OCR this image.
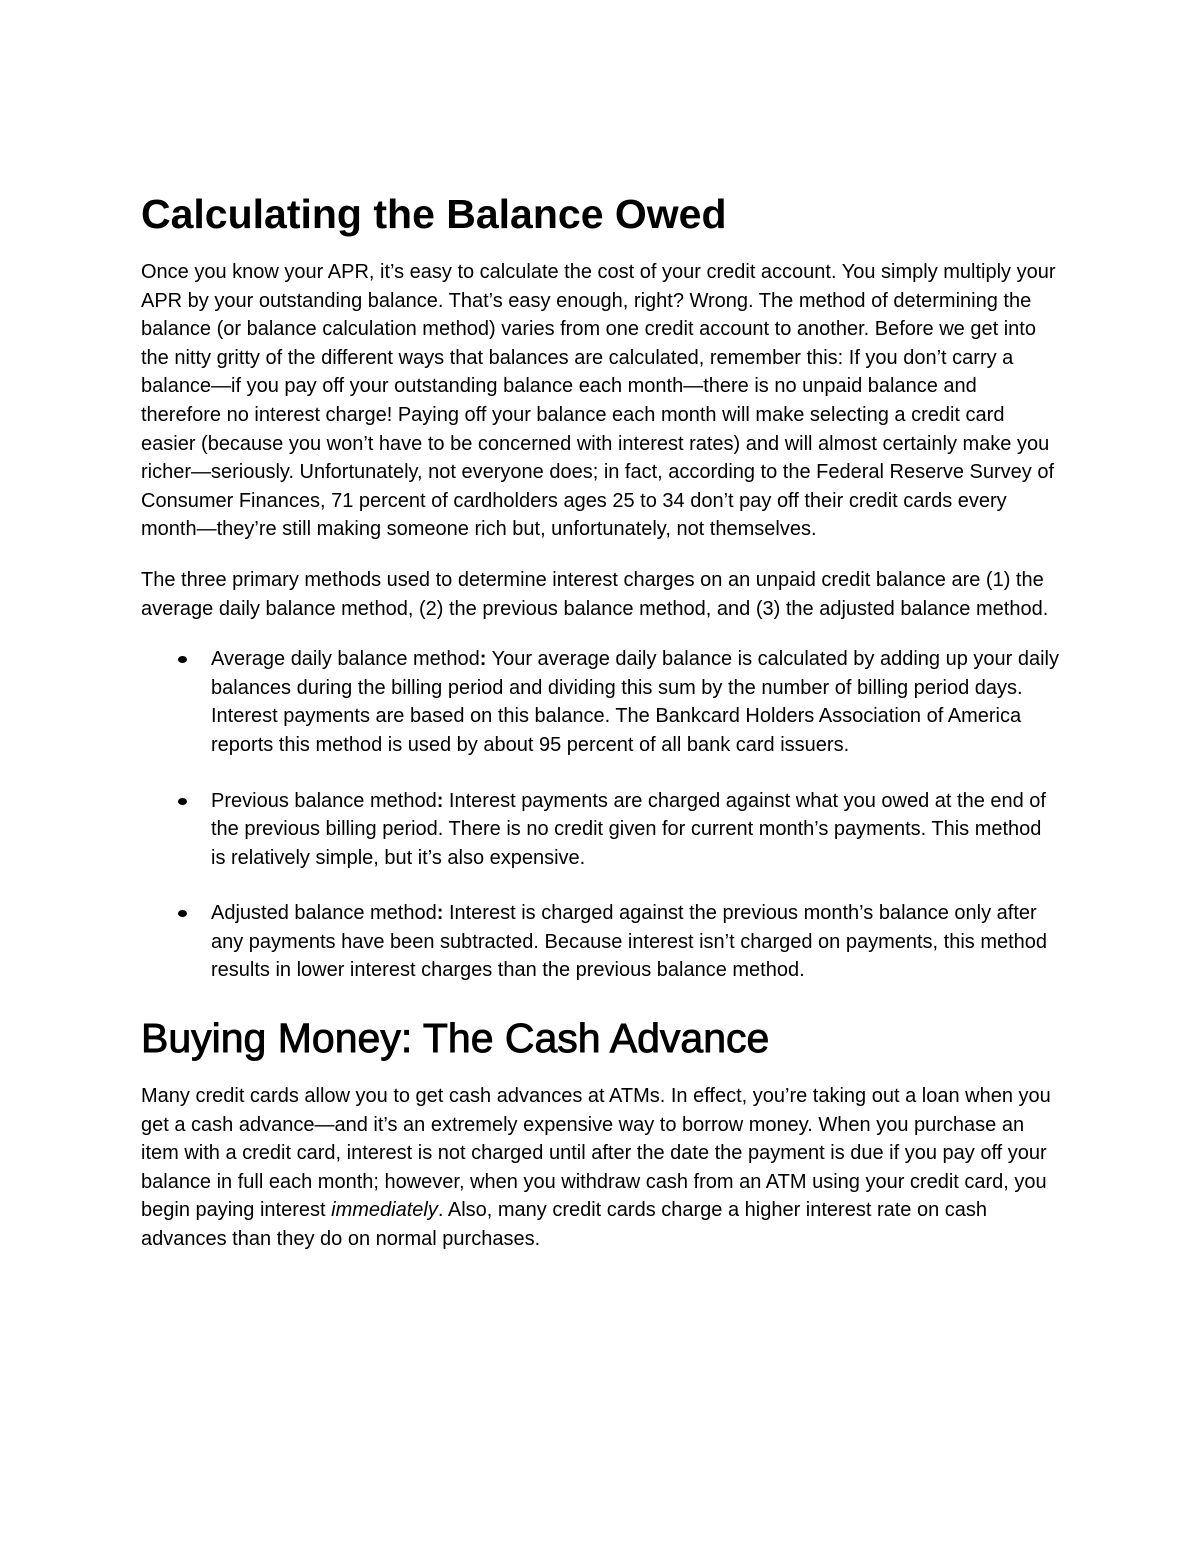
Calculating the Balance Owed

Once you know your APR, it’s easy to calculate the cost of your credit account. You simply multiply your APR by your outstanding balance. That’s easy enough, right? Wrong. The method of determining the balance (or balance calculation method) varies from one credit account to another. Before we get into the nitty gritty of the different ways that balances are calculated, remember this: If you don’t carry a balance—if you pay off your outstanding balance each month—there is no unpaid balance and therefore no interest charge! Paying off your balance each month will make selecting a credit card easier (because you won’t have to be concerned with interest rates) and will almost certainly make you richer—seriously. Unfortunately, not everyone does; in fact, according to the Federal Reserve Survey of Consumer Finances, 71 percent of cardholders ages 25 to 34 don’t pay off their credit cards every month—they’re still making someone rich but, unfortunately, not themselves.

The three primary methods used to determine interest charges on an unpaid credit balance are (1) the average daily balance method, (2) the previous balance method, and (3) the adjusted balance method.

Average daily balance method: Your average daily balance is calculated by adding up your daily balances during the billing period and dividing this sum by the number of billing period days. Interest payments are based on this balance. The Bankcard Holders Association of America reports this method is used by about 95 percent of all bank card issuers.
Previous balance method: Interest payments are charged against what you owed at the end of the previous billing period. There is no credit given for current month’s payments. This method is relatively simple, but it’s also expensive.
Adjusted balance method: Interest is charged against the previous month’s balance only after any payments have been subtracted. Because interest isn’t charged on payments, this method results in lower interest charges than the previous balance method.
Buying Money: The Cash Advance

Many credit cards allow you to get cash advances at ATMs. In effect, you’re taking out a loan when you get a cash advance—and it’s an extremely expensive way to borrow money. When you purchase an item with a credit card, interest is not charged until after the date the payment is due if you pay off your balance in full each month; however, when you withdraw cash from an ATM using your credit card, you begin paying interest immediately. Also, many credit cards charge a higher interest rate on cash advances than they do on normal purchases.
